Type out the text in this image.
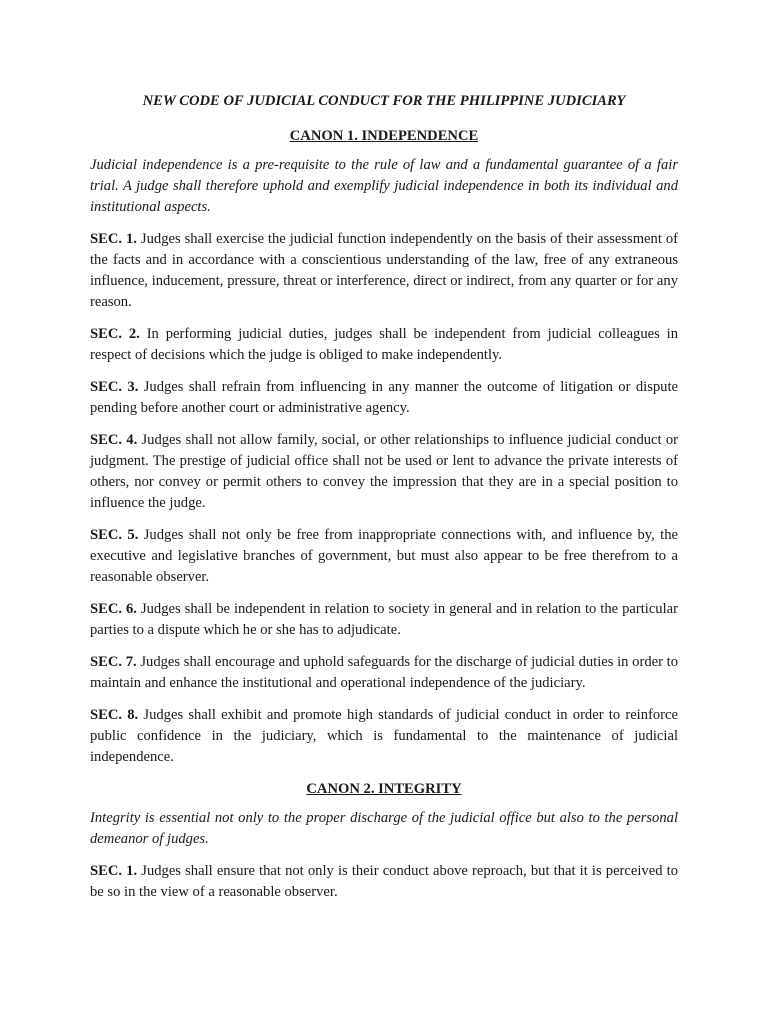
NEW CODE OF JUDICIAL CONDUCT FOR THE PHILIPPINE JUDICIARY
CANON 1. INDEPENDENCE

Judicial independence is a pre-requisite to the rule of law and a fundamental guarantee of a fair trial. A judge shall therefore uphold and exemplify judicial independence in both its individual and institutional aspects.

SEC. 1. Judges shall exercise the judicial function independently on the basis of their assessment of the facts and in accordance with a conscientious understanding of the law, free of any extraneous influence, inducement, pressure, threat or interference, direct or indirect, from any quarter or for any reason.

SEC. 2. In performing judicial duties, judges shall be independent from judicial colleagues in respect of decisions which the judge is obliged to make independently.

SEC. 3. Judges shall refrain from influencing in any manner the outcome of litigation or dispute pending before another court or administrative agency.

SEC. 4. Judges shall not allow family, social, or other relationships to influence judicial conduct or judgment. The prestige of judicial office shall not be used or lent to advance the private interests of others, nor convey or permit others to convey the impression that they are in a special position to influence the judge.

SEC. 5. Judges shall not only be free from inappropriate connections with, and influence by, the executive and legislative branches of government, but must also appear to be free therefrom to a reasonable observer.

SEC. 6. Judges shall be independent in relation to society in general and in relation to the particular parties to a dispute which he or she has to adjudicate.

SEC. 7. Judges shall encourage and uphold safeguards for the discharge of judicial duties in order to maintain and enhance the institutional and operational independence of the judiciary.

SEC. 8. Judges shall exhibit and promote high standards of judicial conduct in order to reinforce public confidence in the judiciary, which is fundamental to the maintenance of judicial independence.

CANON 2. INTEGRITY

Integrity is essential not only to the proper discharge of the judicial office but also to the personal demeanor of judges.

SEC. 1. Judges shall ensure that not only is their conduct above reproach, but that it is perceived to be so in the view of a reasonable observer.
